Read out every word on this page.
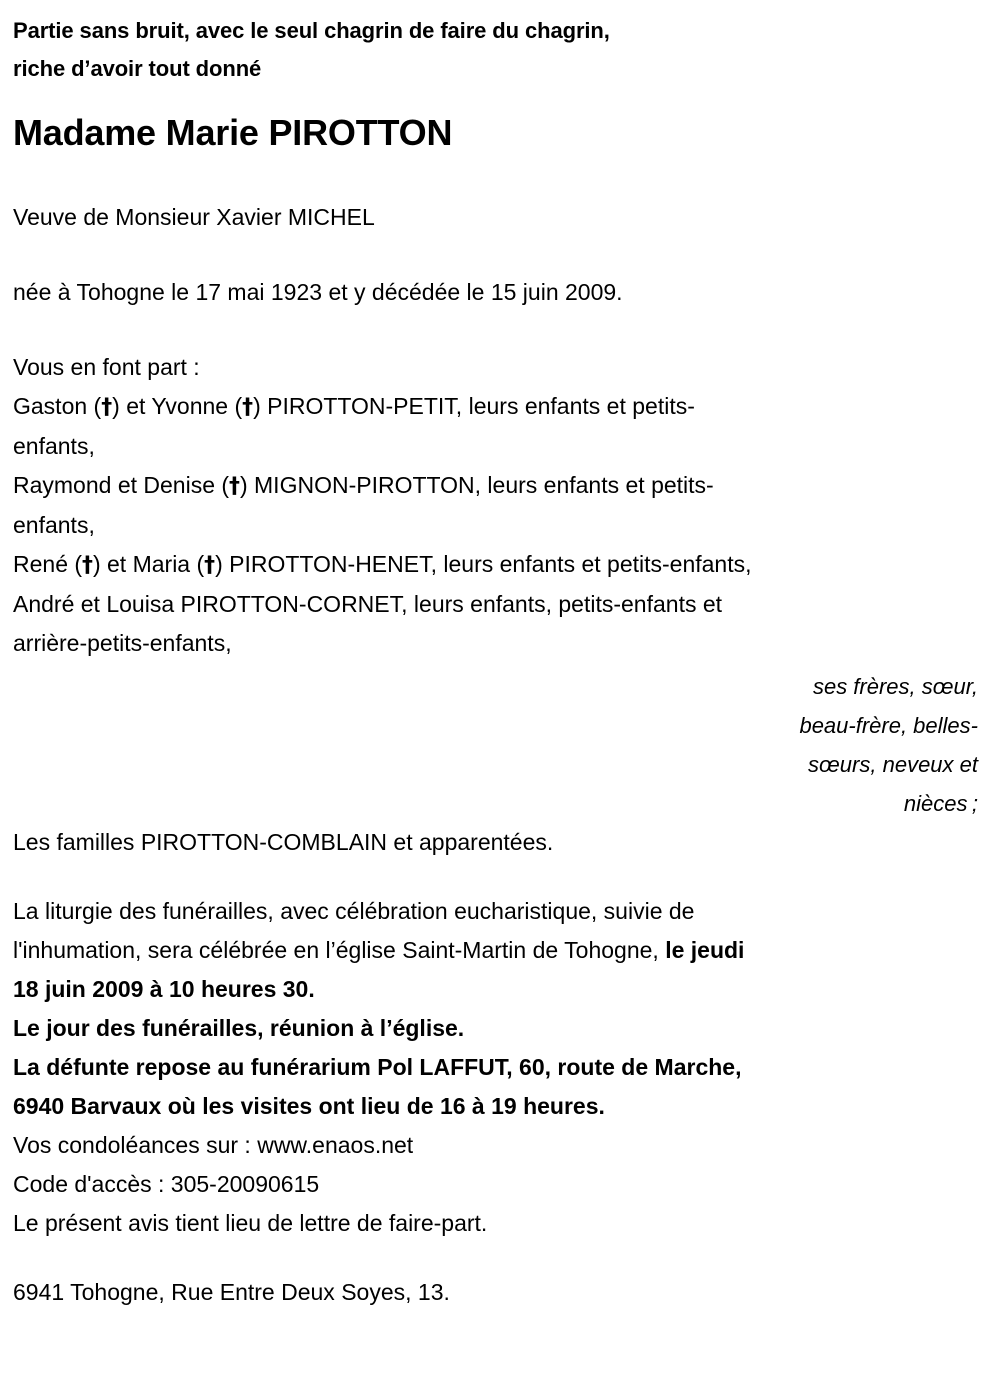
Partie sans bruit, avec le seul chagrin de faire du chagrin,
riche d’avoir tout donné
Madame Marie PIROTTON
Veuve de Monsieur Xavier MICHEL
née à Tohogne le 17 mai 1923 et y décédée le 15 juin 2009.
Vous en font part :
Gaston (†) et Yvonne (†) PIROTTON-PETIT, leurs enfants et petits-
enfants,
Raymond et Denise (†) MIGNON-PIROTTON, leurs enfants et petits-
enfants,
René (†) et Maria (†) PIROTTON-HENET, leurs enfants et petits-enfants,
André et Louisa PIROTTON-CORNET, leurs enfants, petits-enfants et
arrière-petits-enfants,
ses frères, sœur,
beau-frère, belles-
sœurs, neveux et
nièces ;
Les familles PIROTTON-COMBLAIN et apparentées.
La liturgie des funérailles, avec célébration eucharistique, suivie de
l'inhumation, sera célébrée en l’église Saint-Martin de Tohogne, le jeudi
18 juin 2009 à 10 heures 30.
Le jour des funérailles, réunion à l’église.
La défunte repose au funérarium Pol LAFFUT, 60, route de Marche,
6940 Barvaux où les visites ont lieu de 16 à 19 heures.
Vos condoléances sur : www.enaos.net
Code d'accès : 305-20090615
Le présent avis tient lieu de lettre de faire-part.
6941 Tohogne, Rue Entre Deux Soyes, 13.
